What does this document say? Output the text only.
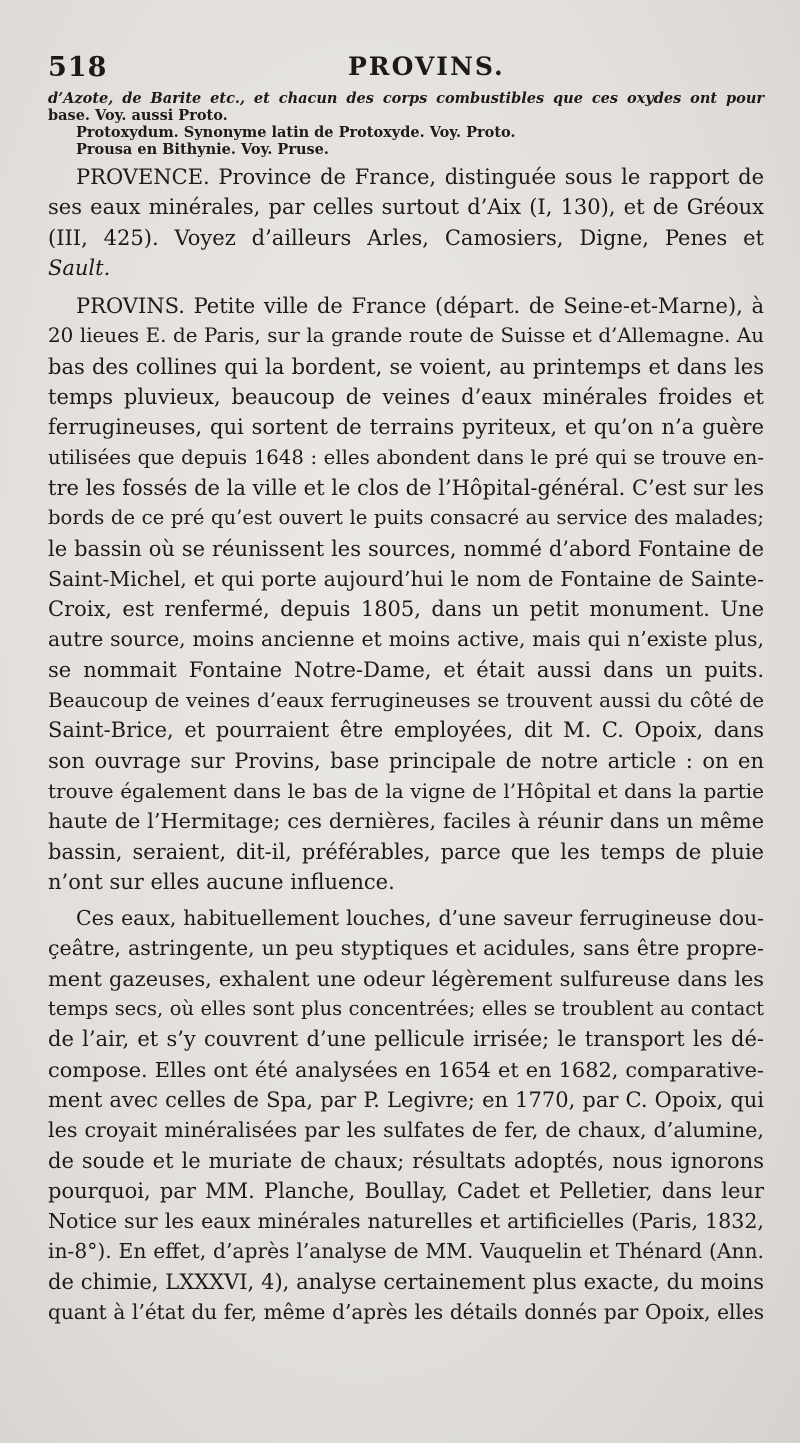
518	PROVINS.
d’Azote, de Barite etc., et chacun des corps combustibles que ces oxydes ont pour
base. Voy. aussi Proto.
Protoxydum. Synonyme latin de Protoxyde. Voy. Proto.
Prousa en Bithynie. Voy. Pruse.
PROVENCE. Province de France, distinguée sous le rapport de
ses eaux minérales, par celles surtout d’Aix (I, 130), et de Gréoux
(III, 425). Voyez d’ailleurs Arles, Camosiers, Digne, Penes et
Sault.
PROVINS. Petite ville de France (départ. de Seine-et-Marne), à
20 lieues E. de Paris, sur la grande route de Suisse et d’Allemagne. Au
bas des collines qui la bordent, se voient, au printemps et dans les
temps pluvieux, beaucoup de veines d’eaux minérales froides et
ferrugineuses, qui sortent de terrains pyriteux, et qu’on n’a guère
utilisées que depuis 1648 : elles abondent dans le pré qui se trouve en-
tre les fossés de la ville et le clos de l’Hôpital-général. C’est sur les
bords de ce pré qu’est ouvert le puits consacré au service des malades;
le bassin où se réunissent les sources, nommé d’abord Fontaine de
Saint-Michel, et qui porte aujourd’hui le nom de Fontaine de Sainte-
Croix, est renfermé, depuis 1805, dans un petit monument. Une
autre source, moins ancienne et moins active, mais qui n’existe plus,
se nommait Fontaine Notre-Dame, et était aussi dans un puits.
Beaucoup de veines d’eaux ferrugineuses se trouvent aussi du côté de
Saint-Brice, et pourraient être employées, dit M. C. Opoix, dans
son ouvrage sur Provins, base principale de notre article : on en
trouve également dans le bas de la vigne de l’Hôpital et dans la partie
haute de l’Hermitage; ces dernières, faciles à réunir dans un même
bassin, seraient, dit-il, préférables, parce que les temps de pluie
n’ont sur elles aucune influence.
Ces eaux, habituellement louches, d’une saveur ferrugineuse dou-
çeâtre, astringente, un peu styptiques et acidules, sans être propre-
ment gazeuses, exhalent une odeur légèrement sulfureuse dans les
temps secs, où elles sont plus concentrées; elles se troublent au contact
de l’air, et s’y couvrent d’une pellicule irrisée; le transport les dé-
compose. Elles ont été analysées en 1654 et en 1682, comparative-
ment avec celles de Spa, par P. Legivre; en 1770, par C. Opoix, qui
les croyait minéralisées par les sulfates de fer, de chaux, d’alumine,
de soude et le muriate de chaux; résultats adoptés, nous ignorons
pourquoi, par MM. Planche, Boullay, Cadet et Pelletier, dans leur
Notice sur les eaux minérales naturelles et artificielles (Paris, 1832,
in-8°). En effet, d’après l’analyse de MM. Vauquelin et Thénard (Ann.
de chimie, LXXXVI, 4), analyse certainement plus exacte, du moins
quant à l’état du fer, même d’après les détails donnés par Opoix, elles
